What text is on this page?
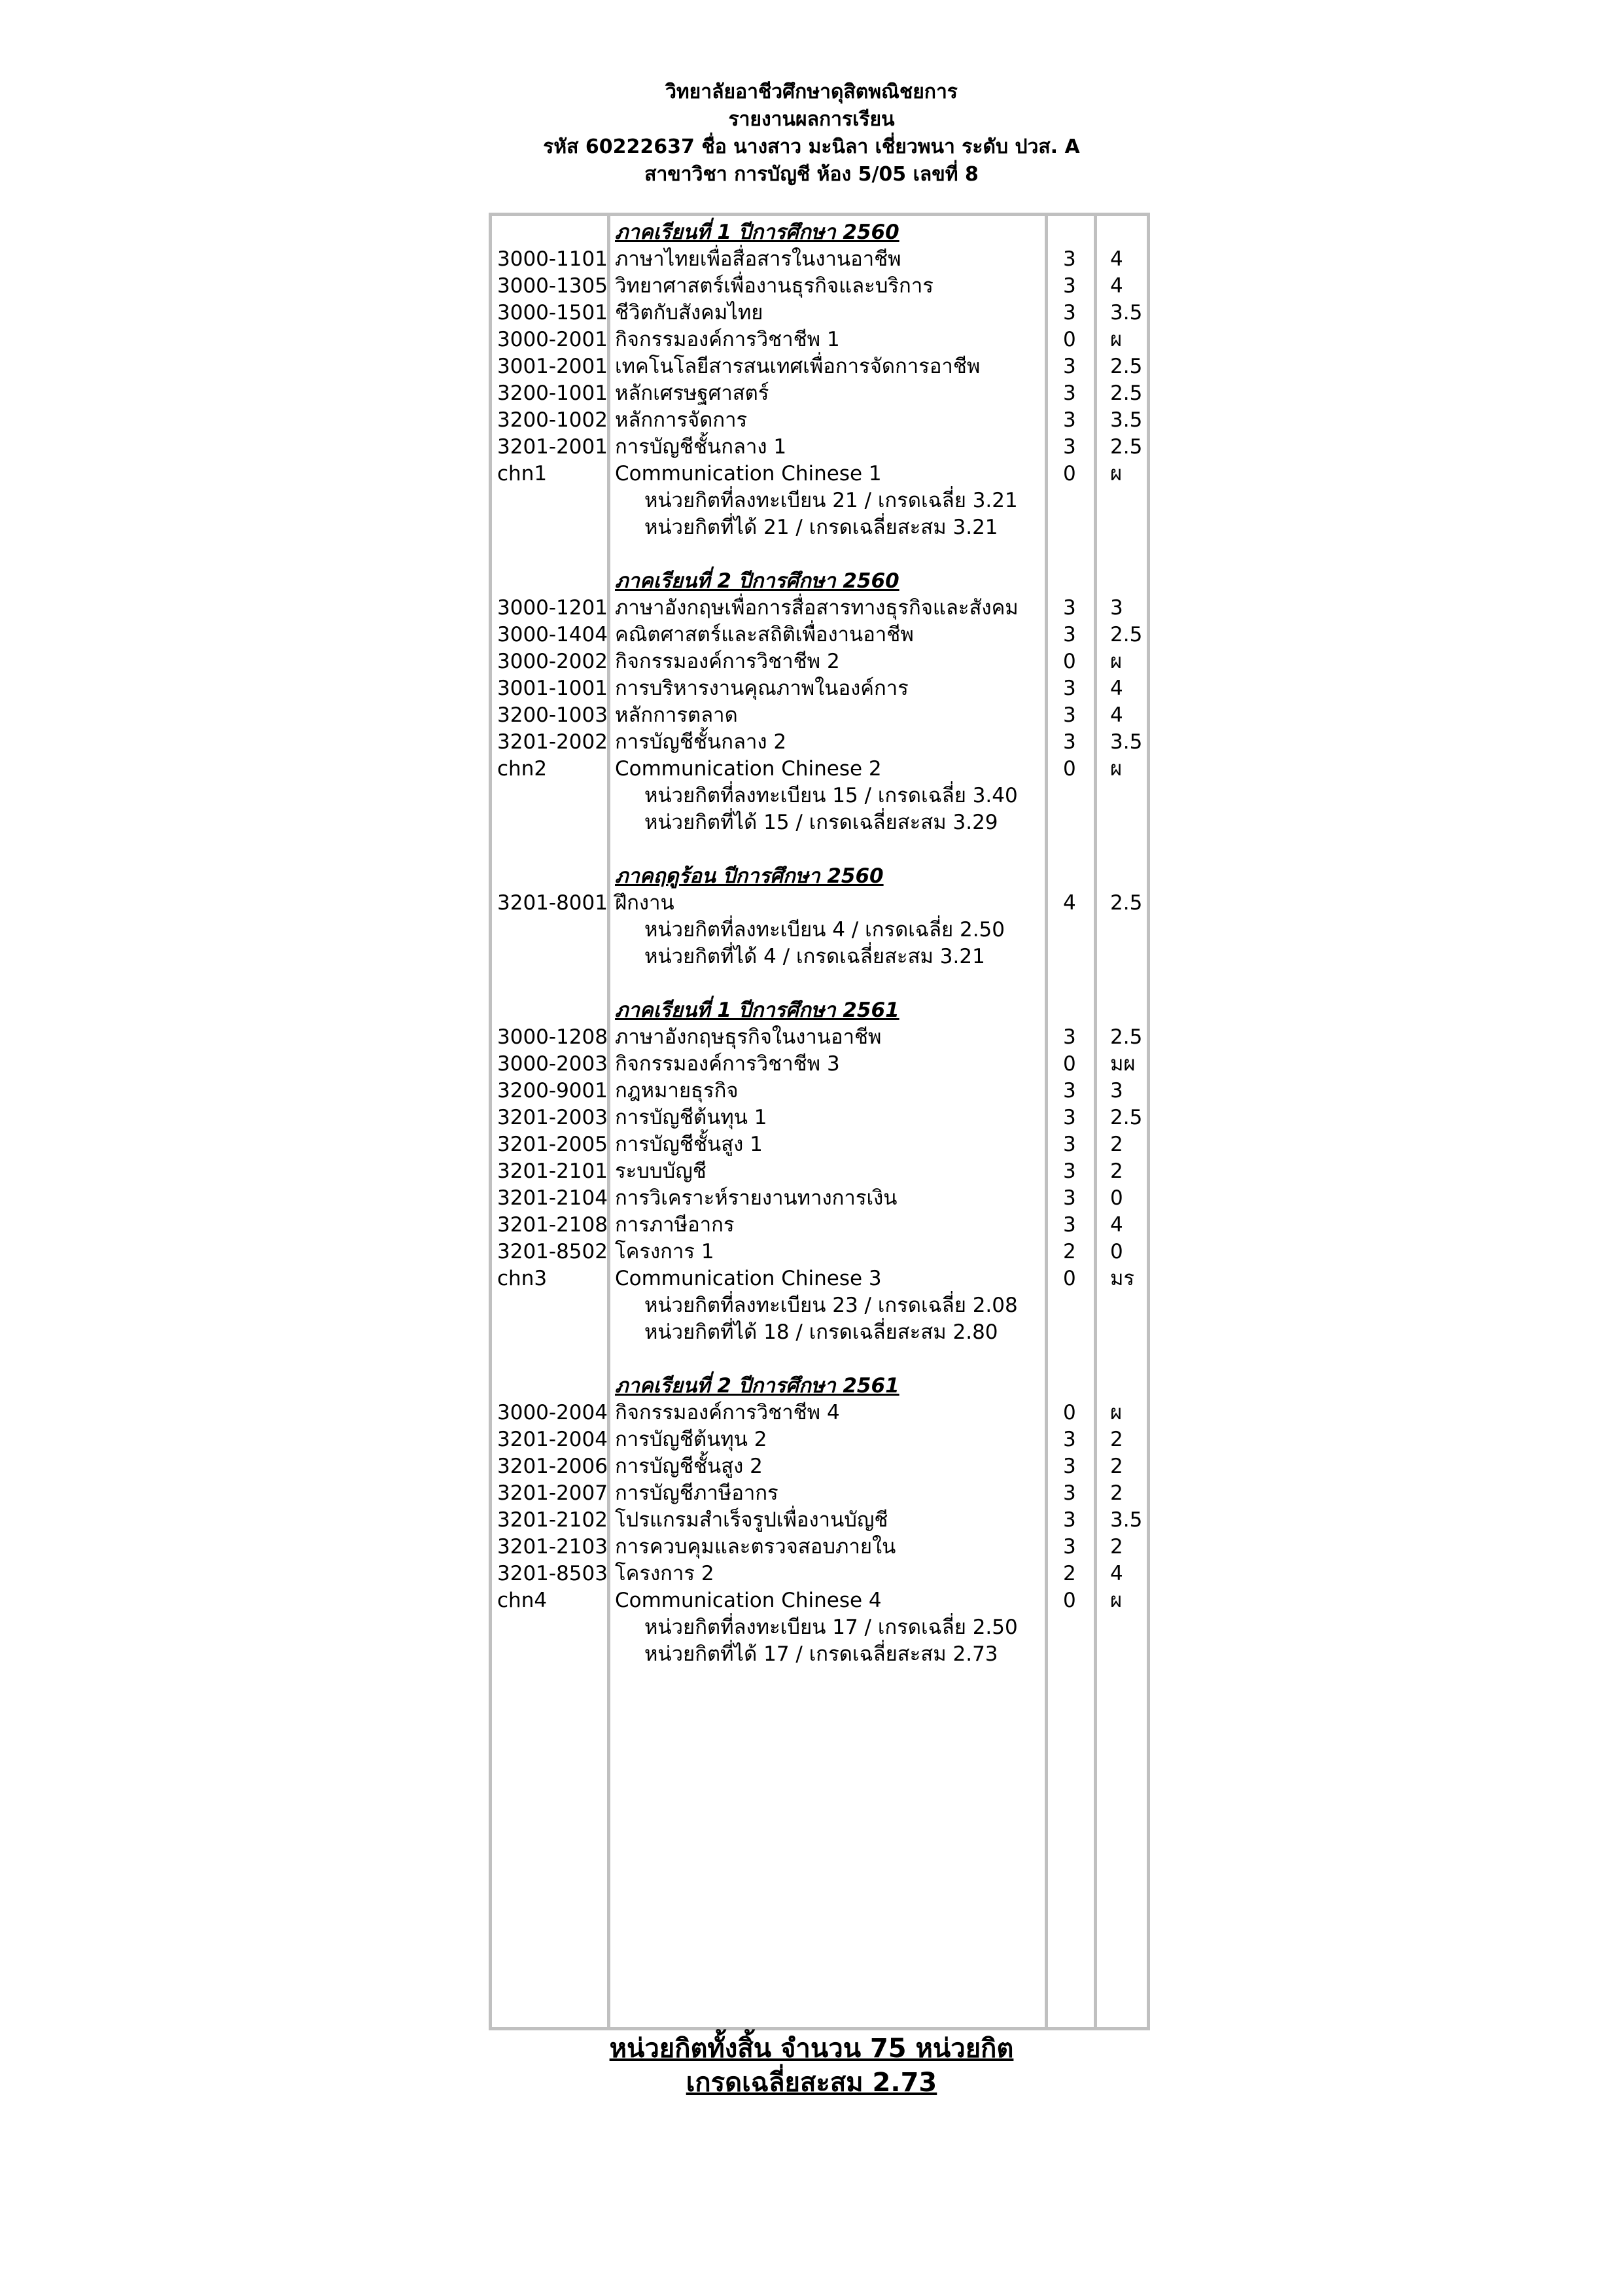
วิทยาลัยอาชีวศึกษาดุสิตพณิชยการ
รายงานผลการเรียน
รหัส 60222637 ชื่อ นางสาว มะนิลา เชี่ยวพนา ระดับ ปวส. A
สาขาวิชา การบัญชี ห้อง 5/05 เลขที่ 8
ภาคเรียนที่ 1 ปีการศึกษา 2560
3000-1101 ภาษาไทยเพื่อสื่อสารในงานอาชีพ	3 4
3000-1305 วิทยาศาสตร์เพื่องานธุรกิจและบริการ	3 4
3000-1501 ชีวิตกับสังคมไทย	3 3.5
3000-2001 กิจกรรมองค์การวิชาชีพ 1	0 ผ
3001-2001 เทคโนโลยีสารสนเทศเพื่อการจัดการอาชีพ	3 2.5
3200-1001 หลักเศรษฐศาสตร์	3 2.5
3200-1002 หลักการจัดการ	3 3.5
3201-2001 การบัญชีชั้นกลาง 1	3 2.5
chn1	Communication Chinese 1	0 ผ
หน่วยกิตที่ลงทะเบียน 21 / เกรดเฉลี่ย 3.21
หน่วยกิตที่ได้ 21 / เกรดเฉลี่ยสะสม 3.21
ภาคเรียนที่ 2 ปีการศึกษา 2560
3000-1201 ภาษาอังกฤษเพื่อการสื่อสารทางธุรกิจและสังคม 3 3
3000-1404 คณิตศาสตร์และสถิติเพื่องานอาชีพ	3 2.5
3000-2002 กิจกรรมองค์การวิชาชีพ 2	0 ผ
3001-1001 การบริหารงานคุณภาพในองค์การ	3 4
3200-1003 หลักการตลาด	3 4
3201-2002 การบัญชีชั้นกลาง 2	3 3.5
chn2	Communication Chinese 2	0 ผ
หน่วยกิตที่ลงทะเบียน 15 / เกรดเฉลี่ย 3.40
หน่วยกิตที่ได้ 15 / เกรดเฉลี่ยสะสม 3.29
ภาคฤดูร้อน ปีการศึกษา 2560
3201-8001 ฝึกงาน	4 2.5
หน่วยกิตที่ลงทะเบียน 4 / เกรดเฉลี่ย 2.50
หน่วยกิตที่ได้ 4 / เกรดเฉลี่ยสะสม 3.21
ภาคเรียนที่ 1 ปีการศึกษา 2561
3000-1208 ภาษาอังกฤษธุรกิจในงานอาชีพ	3 2.5
3000-2003 กิจกรรมองค์การวิชาชีพ 3	0 มผ
3200-9001 กฎหมายธุรกิจ	3 3
3201-2003 การบัญชีต้นทุน 1	3 2.5
3201-2005 การบัญชีชั้นสูง 1	3 2
3201-2101 ระบบบัญชี	3 2
3201-2104 การวิเคราะห์รายงานทางการเงิน	3 0
3201-2108 การภาษีอากร	3 4
3201-8502 โครงการ 1	2 0
chn3	Communication Chinese 3	0 มร
หน่วยกิตที่ลงทะเบียน 23 / เกรดเฉลี่ย 2.08
หน่วยกิตที่ได้ 18 / เกรดเฉลี่ยสะสม 2.80
ภาคเรียนที่ 2 ปีการศึกษา 2561
3000-2004 กิจกรรมองค์การวิชาชีพ 4	0 ผ
3201-2004 การบัญชีต้นทุน 2	3 2
3201-2006 การบัญชีชั้นสูง 2	3 2
3201-2007 การบัญชีภาษีอากร	3 2
3201-2102 โปรแกรมสำเร็จรูปเพื่องานบัญชี	3 3.5
3201-2103 การควบคุมและตรวจสอบภายใน	3 2
3201-8503 โครงการ 2	2 4
chn4	Communication Chinese 4	0 ผ
หน่วยกิตที่ลงทะเบียน 17 / เกรดเฉลี่ย 2.50
หน่วยกิตที่ได้ 17 / เกรดเฉลี่ยสะสม 2.73
หน่วยกิตทั้งสิ้น จำนวน 75 หน่วยกิต
เกรดเฉลี่ยสะสม 2.73
